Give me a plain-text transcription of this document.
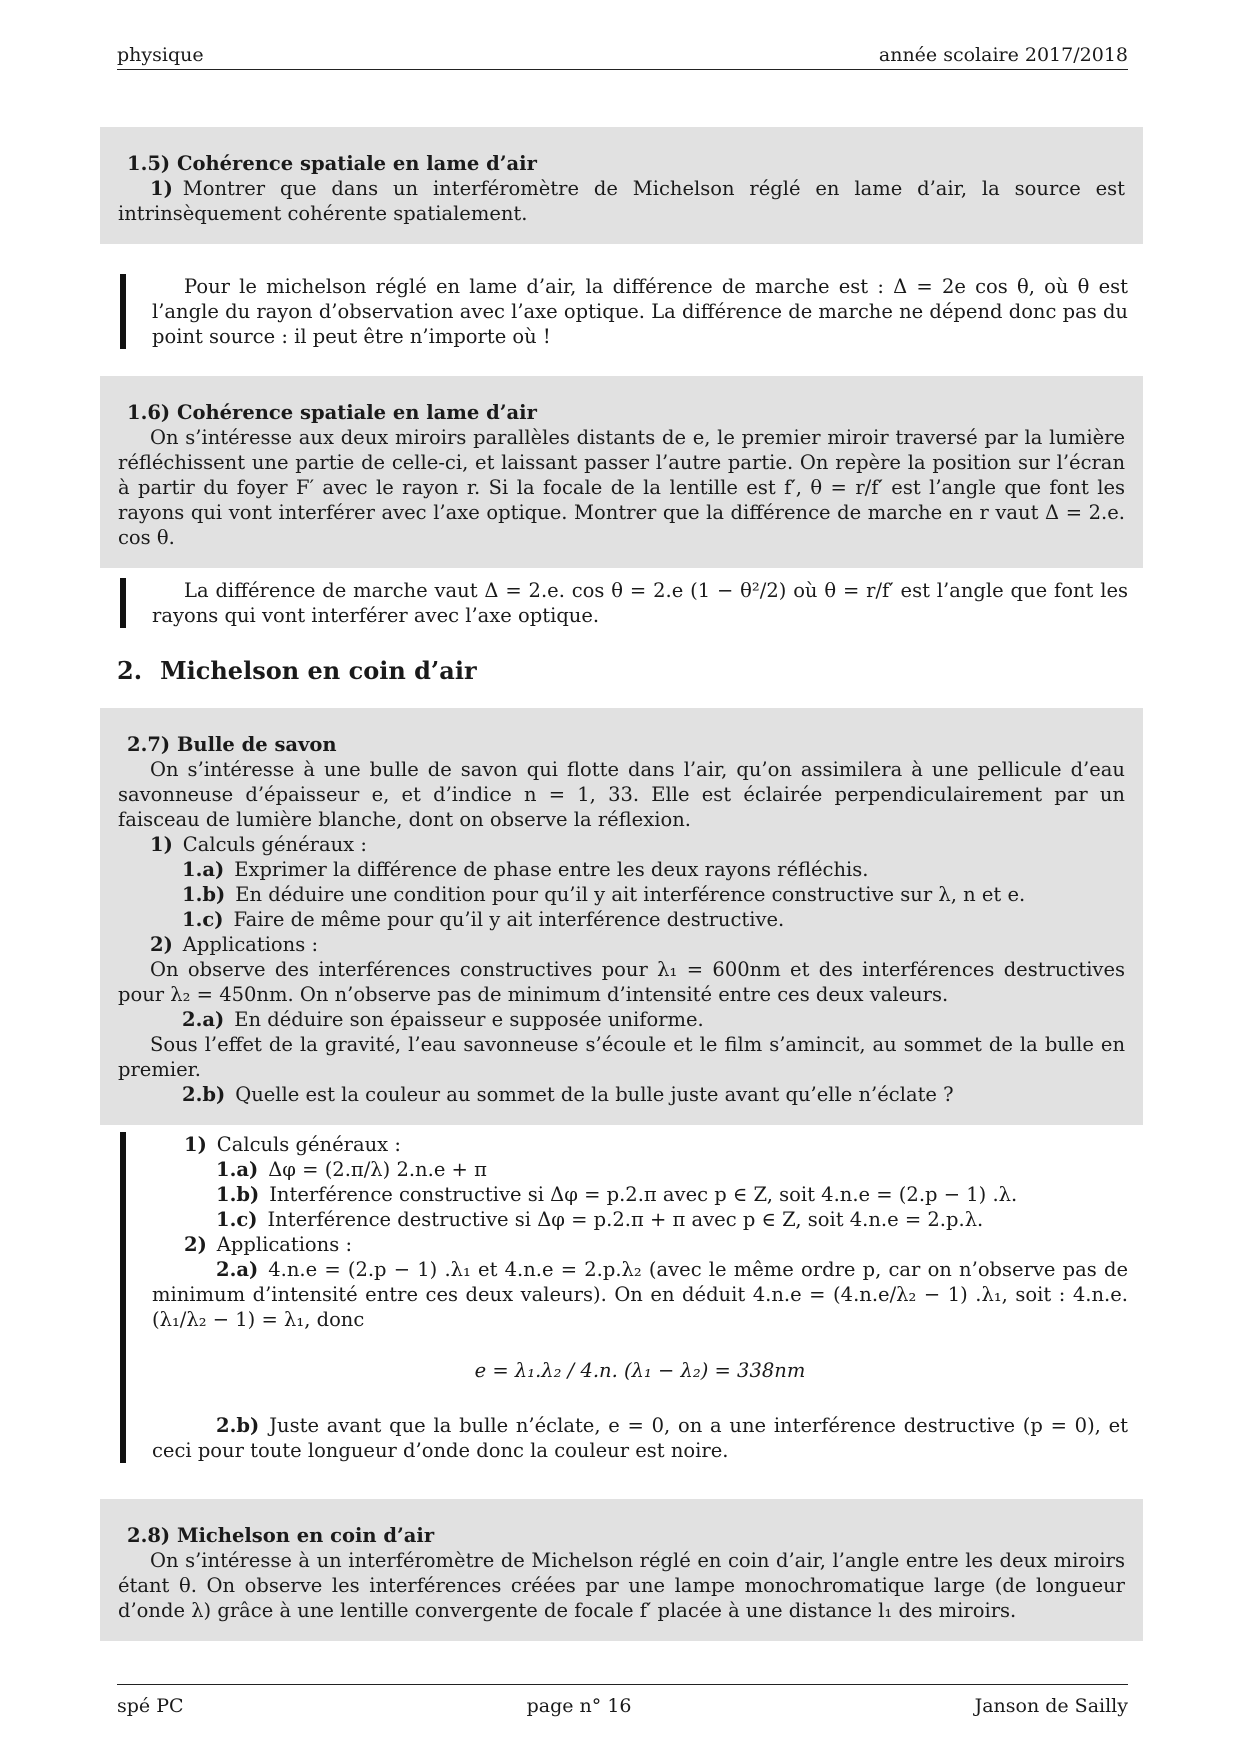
physique	année scolaire 2017/2018
1.5) Cohérence spatiale en lame d’air
1) Montrer que dans un interféromètre de Michelson réglé en lame d’air, la source est intrinsèquement cohérente spatialement.
Pour le michelson réglé en lame d’air, la différence de marche est : Δ = 2e cos θ, où θ est l’angle du rayon d’observation avec l’axe optique. La différence de marche ne dépend donc pas du point source : il peut être n’importe où !
1.6) Cohérence spatiale en lame d’air
On s’intéresse aux deux miroirs parallèles distants de e, le premier miroir traversé par la lumière réfléchissent une partie de celle-ci, et laissant passer l’autre partie. On repère la position sur l’écran à partir du foyer F′ avec le rayon r. Si la focale de la lentille est f′, θ = r/f′ est l’angle que font les rayons qui vont interférer avec l’axe optique. Montrer que la différence de marche en r vaut Δ = 2.e. cos θ.
La différence de marche vaut Δ = 2.e. cos θ = 2.e (1 − θ²/2) où θ = r/f′ est l’angle que font les rayons qui vont interférer avec l’axe optique.
2. Michelson en coin d’air
2.7) Bulle de savon
On s’intéresse à une bulle de savon qui flotte dans l’air, qu’on assimilera à une pellicule d’eau savonneuse d’épaisseur e, et d’indice n = 1, 33. Elle est éclairée perpendiculairement par un faisceau de lumière blanche, dont on observe la réflexion.
1) Calculs généraux :
1.a) Exprimer la différence de phase entre les deux rayons réfléchis.
1.b) En déduire une condition pour qu’il y ait interférence constructive sur λ, n et e.
1.c) Faire de même pour qu’il y ait interférence destructive.
2) Applications :
On observe des interférences constructives pour λ₁ = 600nm et des interférences destructives pour λ₂ = 450nm. On n’observe pas de minimum d’intensité entre ces deux valeurs.
2.a) En déduire son épaisseur e supposée uniforme.
Sous l’effet de la gravité, l’eau savonneuse s’écoule et le film s’amincit, au sommet de la bulle en premier.
2.b) Quelle est la couleur au sommet de la bulle juste avant qu’elle n’éclate ?
1) Calculs généraux :
1.a) Δφ = (2.π/λ) 2.n.e + π
1.b) Interférence constructive si Δφ = p.2.π avec p ∈ Z, soit 4.n.e = (2.p − 1) .λ.
1.c) Interférence destructive si Δφ = p.2.π + π avec p ∈ Z, soit 4.n.e = 2.p.λ.
2) Applications :
2.a) 4.n.e = (2.p − 1) .λ₁ et 4.n.e = 2.p.λ₂ (avec le même ordre p, car on n’observe pas de minimum d’intensité entre ces deux valeurs). On en déduit 4.n.e = (4.n.e/λ₂ − 1) .λ₁, soit : 4.n.e. (λ₁/λ₂ − 1) = λ₁, donc
e = λ₁.λ₂ / 4.n. (λ₁ − λ₂) = 338nm
2.b) Juste avant que la bulle n’éclate, e = 0, on a une interférence destructive (p = 0), et ceci pour toute longueur d’onde donc la couleur est noire.
2.8) Michelson en coin d’air
On s’intéresse à un interféromètre de Michelson réglé en coin d’air, l’angle entre les deux miroirs étant θ. On observe les interférences créées par une lampe monochromatique large (de longueur d’onde λ) grâce à une lentille convergente de focale f′ placée à une distance l₁ des miroirs.
spé PC	page n° 16	Janson de Sailly
